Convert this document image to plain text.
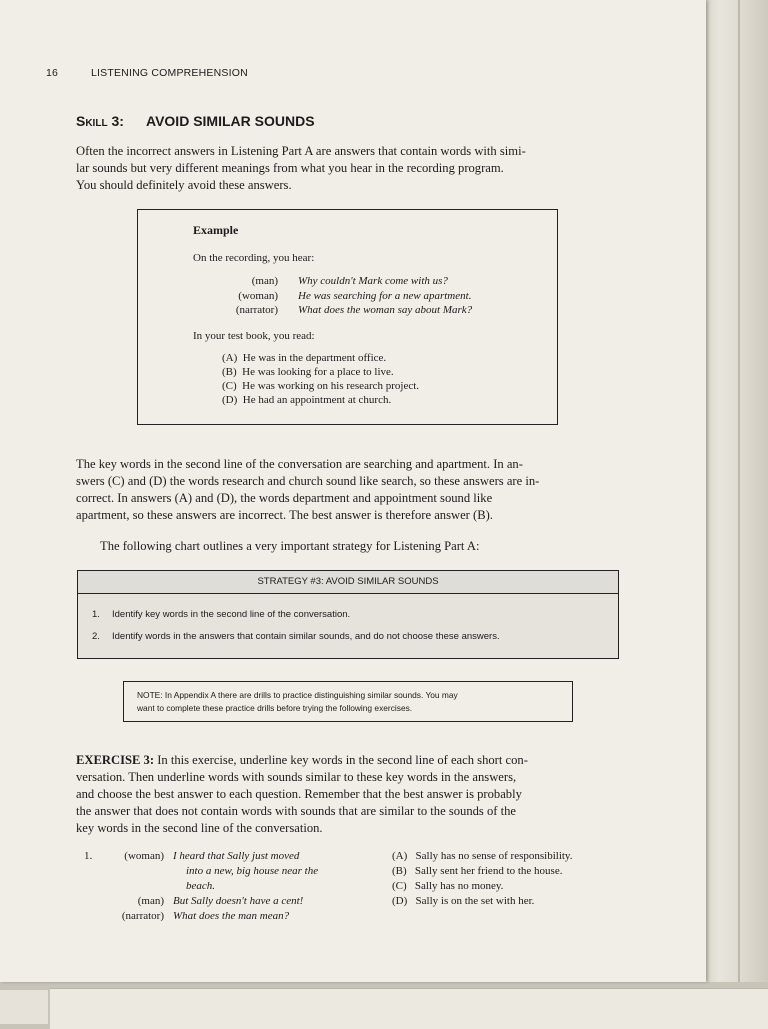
16	LISTENING COMPREHENSION
Skill 3: AVOID SIMILAR SOUNDS
Often the incorrect answers in Listening Part A are answers that contain words with simi-
lar sounds but very different meanings from what you hear in the recording program.
You should definitely avoid these answers.
Example
On the recording, you hear:
(man) Why couldn't Mark come with us?
(woman) He was searching for a new apartment.
(narrator) What does the woman say about Mark?
In your test book, you read:
(A) He was in the department office.
(B) He was looking for a place to live.
(C) He was working on his research project.
(D) He had an appointment at church.
The key words in the second line of the conversation are searching and apartment. In an-
swers (C) and (D) the words research and church sound like search, so these answers are in-
correct. In answers (A) and (D), the words department and appointment sound like
apartment, so these answers are incorrect. The best answer is therefore answer (B).
The following chart outlines a very important strategy for Listening Part A:
STRATEGY #3: AVOID SIMILAR SOUNDS
1. Identify key words in the second line of the conversation.
2. Identify words in the answers that contain similar sounds, and do not choose these answers.
NOTE: In Appendix A there are drills to practice distinguishing similar sounds. You may
want to complete these practice drills before trying the following exercises.
EXERCISE 3: In this exercise, underline key words in the second line of each short con-
versation. Then underline words with sounds similar to these key words in the answers,
and choose the best answer to each question. Remember that the best answer is probably
the answer that does not contain words with sounds that are similar to the sounds of the
key words in the second line of the conversation.
1.	(woman) I heard that Sally just moved
into a new, big house near the
beach.
(man) But Sally doesn't have a cent!
(narrator) What does the man mean?
(A) Sally has no sense of responsibility.
(B) Sally sent her friend to the house.
(C) Sally has no money.
(D) Sally is on the set with her.
